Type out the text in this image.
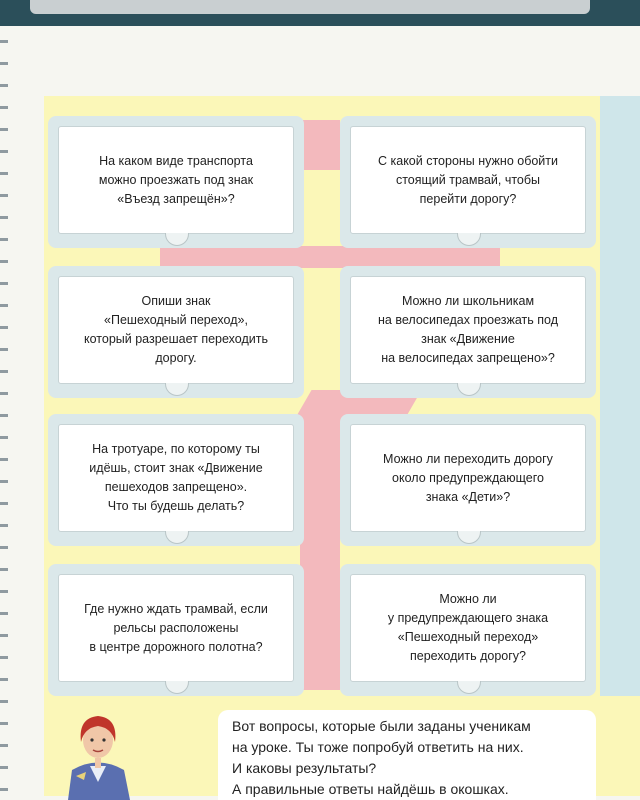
На каком виде транспорта
можно проезжать под знак
«Въезд запрещён»?
С какой стороны нужно обойти
стоящий трамвай, чтобы
перейти дорогу?
Опиши знак
«Пешеходный переход»,
который разрешает переходить
дорогу.
Можно ли школьникам
на велосипедах проезжать под
знак «Движение
на велосипедах запрещено»?
На тротуаре, по которому ты
идёшь, стоит знак «Движение
пешеходов запрещено».
Что ты будешь делать?
Можно ли переходить дорогу
около предупреждающего
знака «Дети»?
Где нужно ждать трамвай, если
рельсы расположены
в центре дорожного полотна?
Можно ли
у предупреждающего знака
«Пешеходный переход»
переходить дорогу?
Вот вопросы, которые были заданы ученикам
на уроке. Ты тоже попробуй ответить на них.
И каковы результаты?
А правильные ответы найдёшь в окошках.
